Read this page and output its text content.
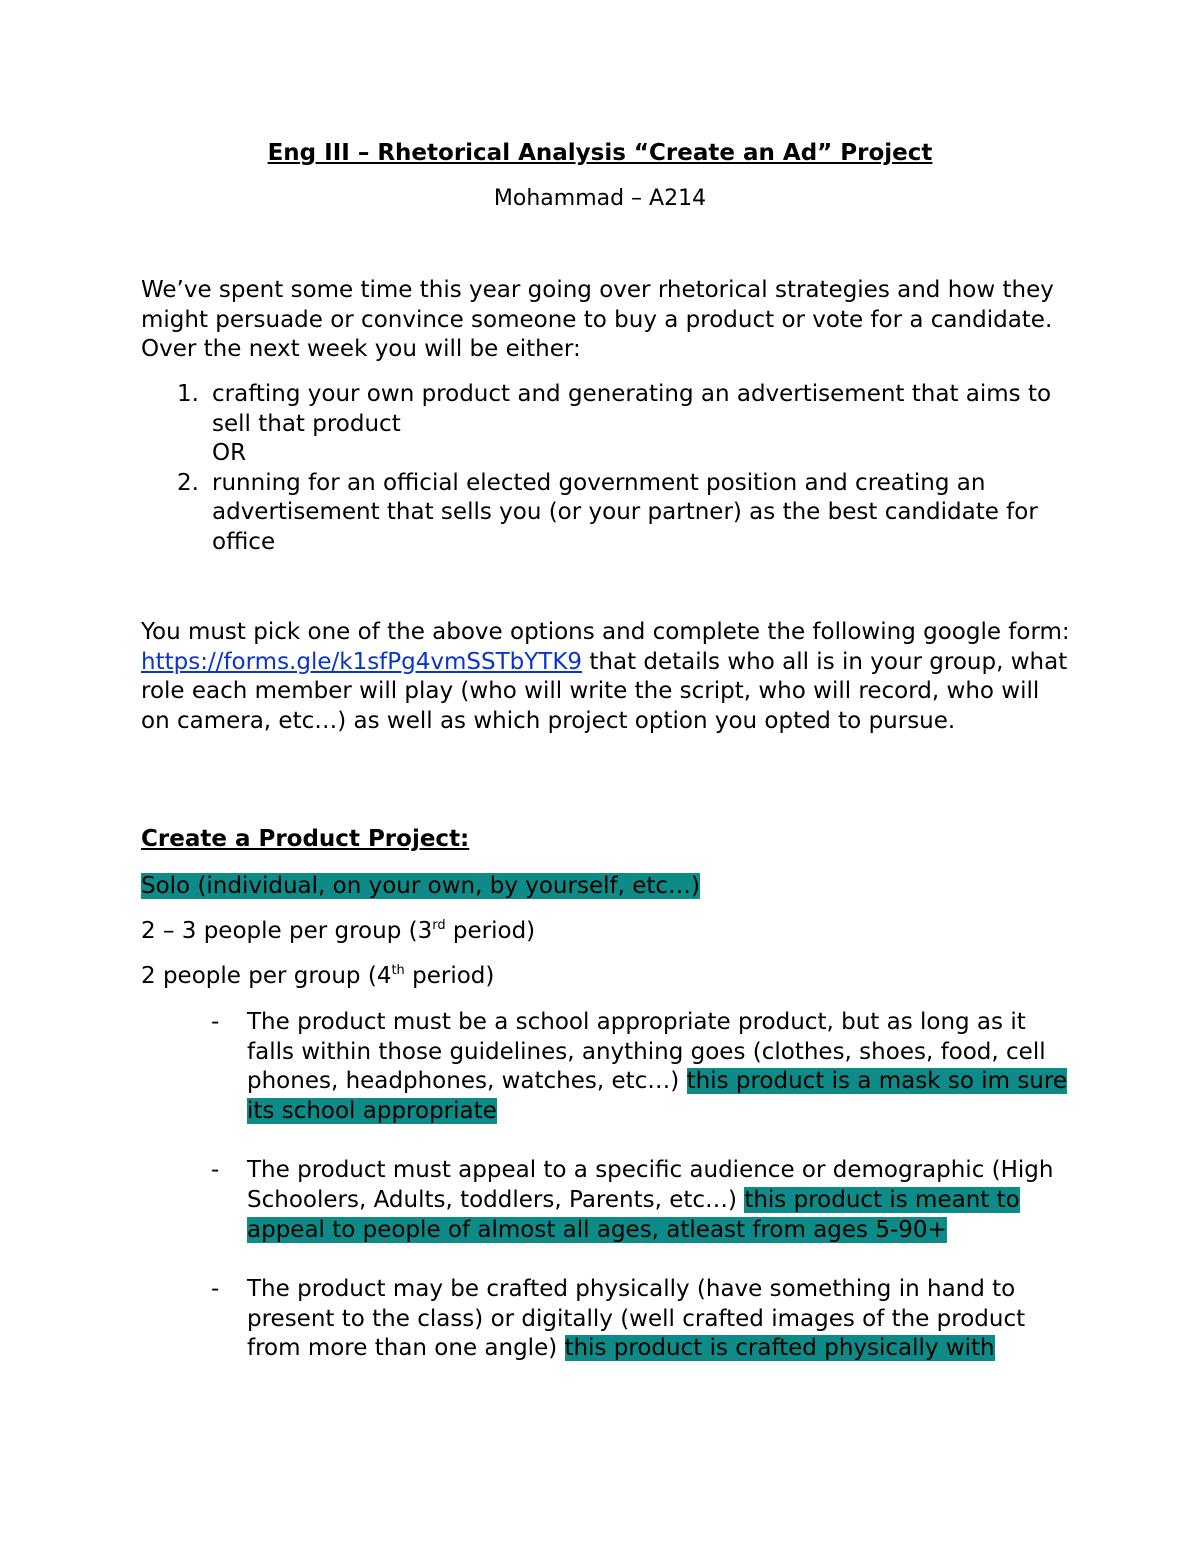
Eng III – Rhetorical Analysis “Create an Ad” Project
Mohammad – A214
We’ve spent some time this year going over rhetorical strategies and how they might persuade or convince someone to buy a product or vote for a candidate. Over the next week you will be either:
1. crafting your own product and generating an advertisement that aims to sell that product
OR
2. running for an official elected government position and creating an advertisement that sells you (or your partner) as the best candidate for office
You must pick one of the above options and complete the following google form: https://forms.gle/k1sfPg4vmSSTbYTK9 that details who all is in your group, what role each member will play (who will write the script, who will record, who will on camera, etc…) as well as which project option you opted to pursue.
Create a Product Project:
Solo (individual, on your own, by yourself, etc…)
2 – 3 people per group (3rd period)
2 people per group (4th period)
- The product must be a school appropriate product, but as long as it falls within those guidelines, anything goes (clothes, shoes, food, cell phones, headphones, watches, etc…) this product is a mask so im sure its school appropriate
- The product must appeal to a specific audience or demographic (High Schoolers, Adults, toddlers, Parents, etc…) this product is meant to appeal to people of almost all ages, atleast from ages 5-90+
- The product may be crafted physically (have something in hand to present to the class) or digitally (well crafted images of the product from more than one angle) this product is crafted physically with
